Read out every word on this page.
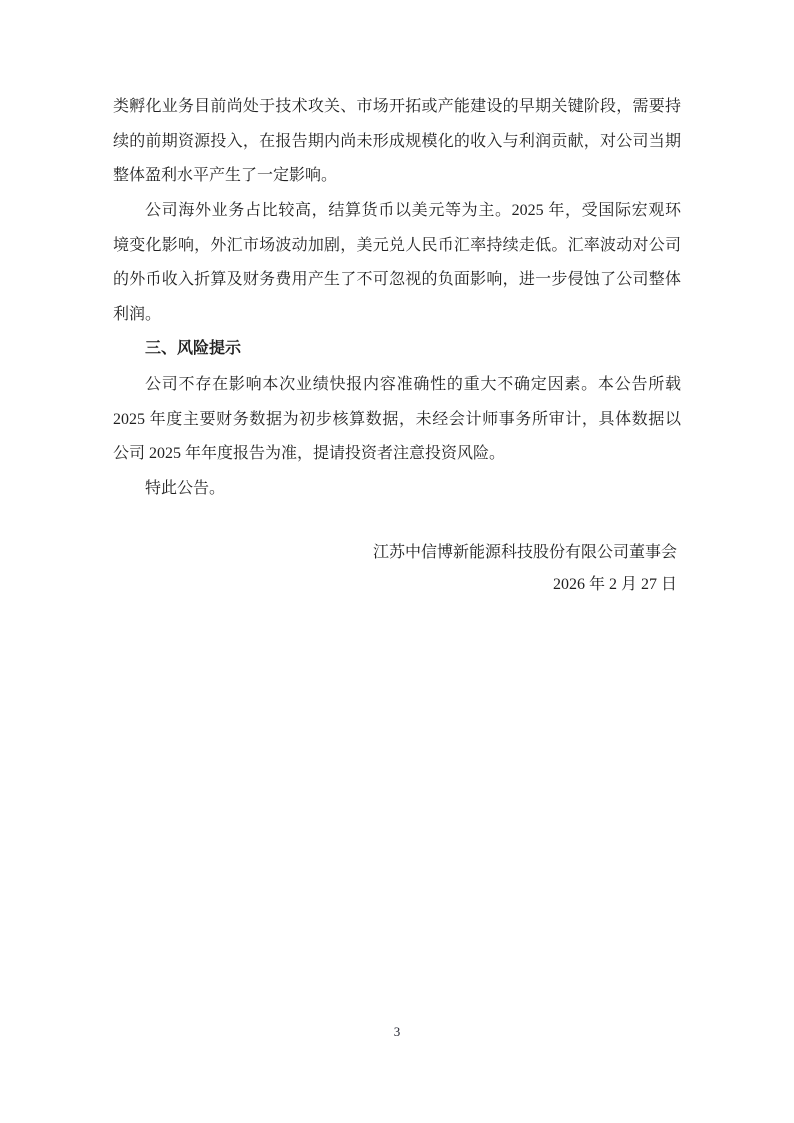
类孵化业务目前尚处于技术攻关、市场开拓或产能建设的早期关键阶段，需要持
续的前期资源投入，在报告期内尚未形成规模化的收入与利润贡献，对公司当期
整体盈利水平产生了一定影响。
公司海外业务占比较高，结算货币以美元等为主。2025 年，受国际宏观环
境变化影响，外汇市场波动加剧，美元兑人民币汇率持续走低。汇率波动对公司
的外币收入折算及财务费用产生了不可忽视的负面影响，进一步侵蚀了公司整体
利润。
三、风险提示
公司不存在影响本次业绩快报内容准确性的重大不确定因素。本公告所载
2025 年度主要财务数据为初步核算数据，未经会计师事务所审计，具体数据以
公司 2025 年年度报告为准，提请投资者注意投资风险。
特此公告。
江苏中信博新能源科技股份有限公司董事会
2026 年 2 月 27 日
3
